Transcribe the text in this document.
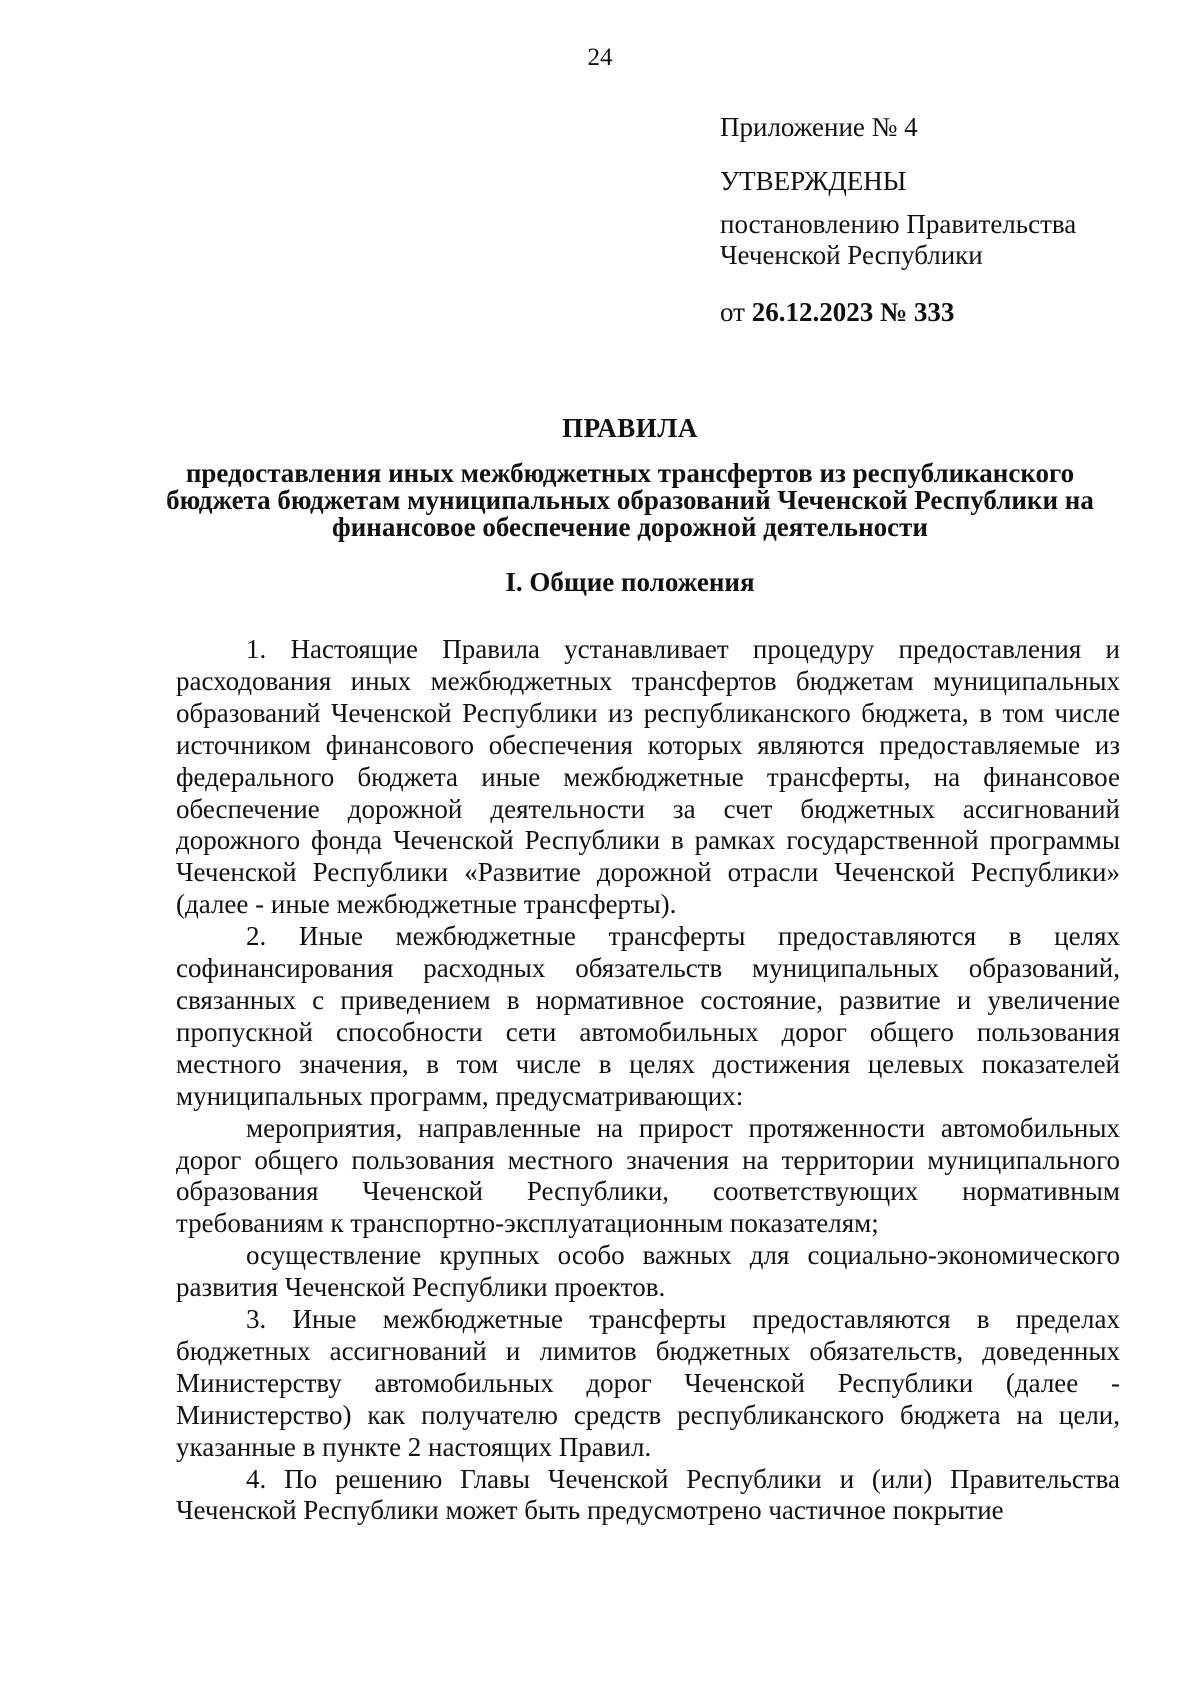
24
Приложение № 4
УТВЕРЖДЕНЫ
постановлению Правительства
Чеченской Республики
от 26.12.2023 № 333
ПРАВИЛА
предоставления иных межбюджетных трансфертов из республиканского бюджета бюджетам муниципальных образований Чеченской Республики на финансовое обеспечение дорожной деятельности
I. Общие положения

1. Настоящие Правила устанавливает процедуру предоставления и расходования иных межбюджетных трансфертов бюджетам муниципальных образований Чеченской Республики из республиканского бюджета, в том числе источником финансового обеспечения которых являются предоставляемые из федерального бюджета иные межбюджетные трансферты, на финансовое обеспечение дорожной деятельности за счет бюджетных ассигнований дорожного фонда Чеченской Республики в рамках государственной программы Чеченской Республики «Развитие дорожной отрасли Чеченской Республики» (далее - иные межбюджетные трансферты).

2. Иные межбюджетные трансферты предоставляются в целях софинансирования расходных обязательств муниципальных образований, связанных с приведением в нормативное состояние, развитие и увеличение пропускной способности сети автомобильных дорог общего пользования местного значения, в том числе в целях достижения целевых показателей муниципальных программ, предусматривающих:

мероприятия, направленные на прирост протяженности автомобильных дорог общего пользования местного значения на территории муниципального образования Чеченской Республики, соответствующих нормативным требованиям к транспортно-эксплуатационным показателям;

осуществление крупных особо важных для социально-экономического развития Чеченской Республики проектов.

3. Иные межбюджетные трансферты предоставляются в пределах бюджетных ассигнований и лимитов бюджетных обязательств, доведенных Министерству автомобильных дорог Чеченской Республики (далее - Министерство) как получателю средств республиканского бюджета на цели, указанные в пункте 2 настоящих Правил.

4. По решению Главы Чеченской Республики и (или) Правительства Чеченской Республики может быть предусмотрено частичное покрытие
